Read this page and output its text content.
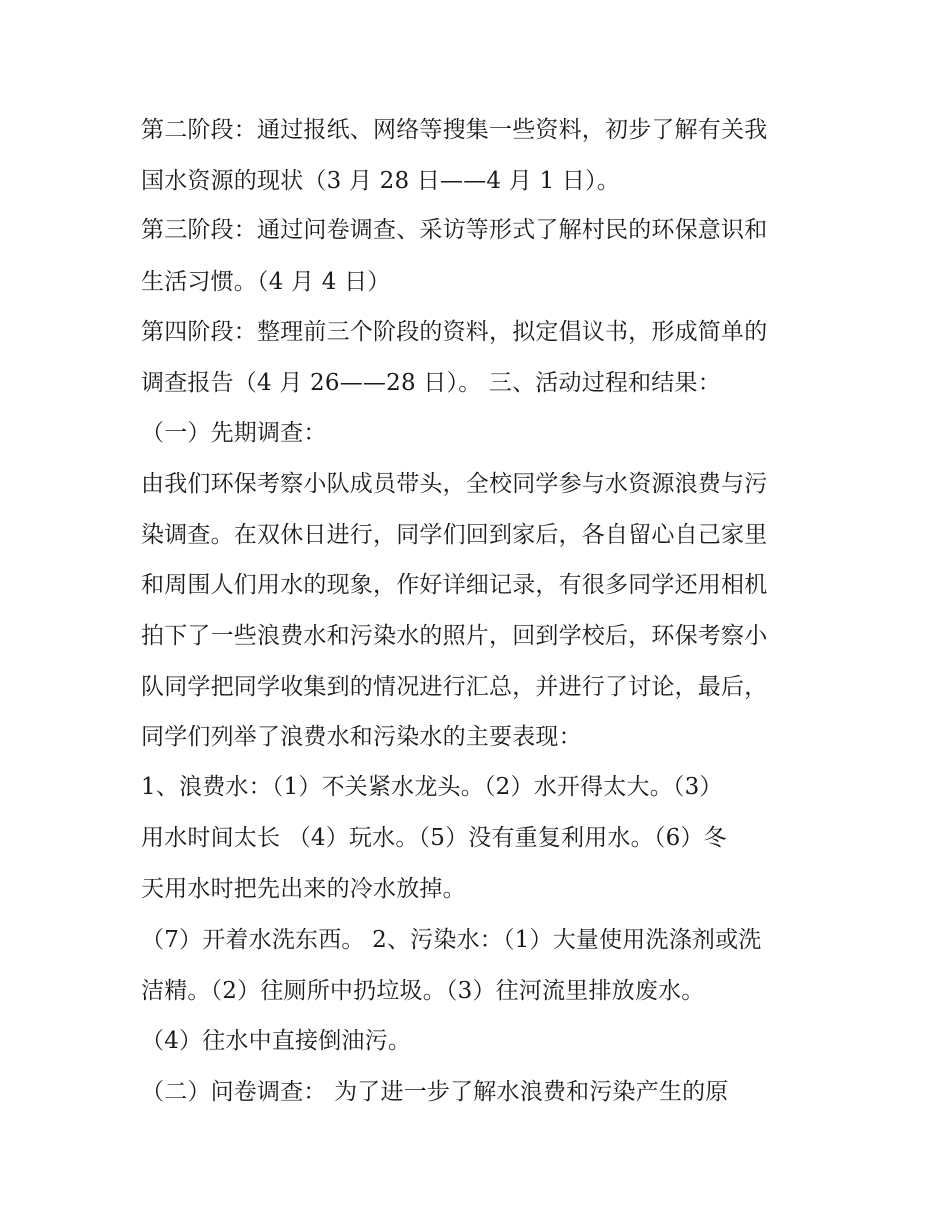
第二阶段：通过报纸、网络等搜集一些资料，初步了解有关我
国水资源的现状（3 月 28 日——4 月 1 日）。
第三阶段：通过问卷调查、采访等形式了解村民的环保意识和
生活习惯。（4 月 4 日）
第四阶段：整理前三个阶段的资料，拟定倡议书，形成简单的
调查报告（4 月 26——28 日）。 三、活动过程和结果：
（一）先期调查：
由我们环保考察小队成员带头，全校同学参与水资源浪费与污
染调查。在双休日进行，同学们回到家后，各自留心自己家里
和周围人们用水的现象，作好详细记录，有很多同学还用相机
拍下了一些浪费水和污染水的照片，回到学校后，环保考察小
队同学把同学收集到的情况进行汇总，并进行了讨论，最后，
同学们列举了浪费水和污染水的主要表现：
1、浪费水：（1）不关紧水龙头。（2）水开得太大。（3）
用水时间太长 （4）玩水。（5）没有重复利用水。（6）冬
天用水时把先出来的冷水放掉。
（7）开着水洗东西。 2、污染水：（1）大量使用洗涤剂或洗
洁精。（2）往厕所中扔垃圾。（3）往河流里排放废水。
（4）往水中直接倒油污。
（二）问卷调查： 为了进一步了解水浪费和污染产生的原
